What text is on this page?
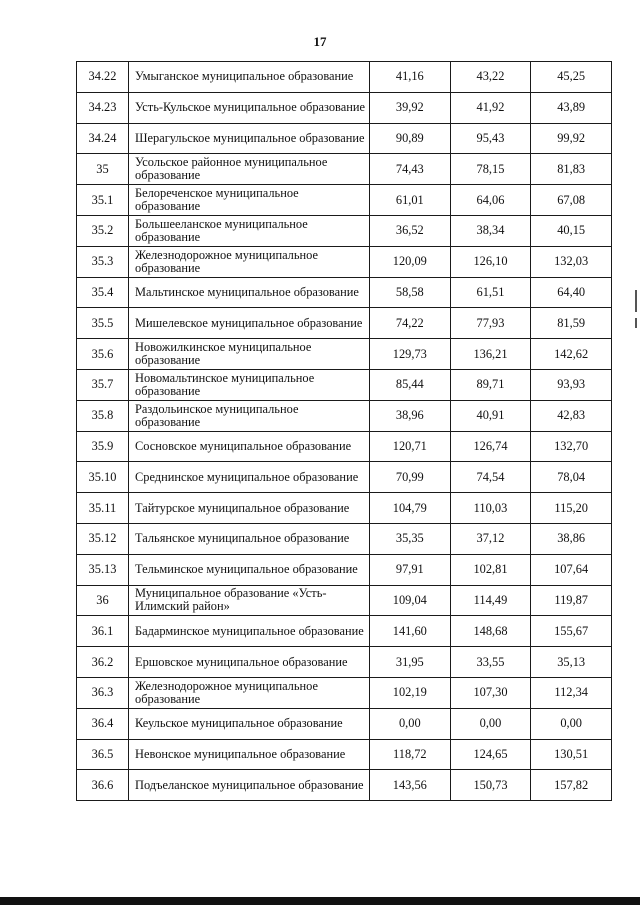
17
34.22	Умыганское муниципальное образование	41,16	43,22	45,25
34.23	Усть-Кульское муниципальное образование	39,92	41,92	43,89
34.24	Шерагульское муниципальное образование	90,89	95,43	99,92
35	Усольское районное муниципальное образование	74,43	78,15	81,83
35.1	Белореченское муниципальное образование	61,01	64,06	67,08
35.2	Большееланское муниципальное образование	36,52	38,34	40,15
35.3	Железнодорожное муниципальное образование	120,09	126,10	132,03
35.4	Мальтинское муниципальное образование	58,58	61,51	64,40
35.5	Мишелевское муниципальное образование	74,22	77,93	81,59
35.6	Новожилкинское муниципальное образование	129,73	136,21	142,62
35.7	Новомальтинское муниципальное образование	85,44	89,71	93,93
35.8	Раздольинское муниципальное образование	38,96	40,91	42,83
35.9	Сосновское муниципальное образование	120,71	126,74	132,70
35.10	Среднинское муниципальное образование	70,99	74,54	78,04
35.11	Тайтурское муниципальное образование	104,79	110,03	115,20
35.12	Тальянское муниципальное образование	35,35	37,12	38,86
35.13	Тельминское муниципальное образование	97,91	102,81	107,64
36	Муниципальное образование «Усть-Илимский район»	109,04	114,49	119,87
36.1	Бадарминское муниципальное образование	141,60	148,68	155,67
36.2	Ершовское муниципальное образование	31,95	33,55	35,13
36.3	Железнодорожное муниципальное образование	102,19	107,30	112,34
36.4	Кеульское муниципальное образование	0,00	0,00	0,00
36.5	Невонское муниципальное образование	118,72	124,65	130,51
36.6	Подъеланское муниципальное образование	143,56	150,73	157,82
